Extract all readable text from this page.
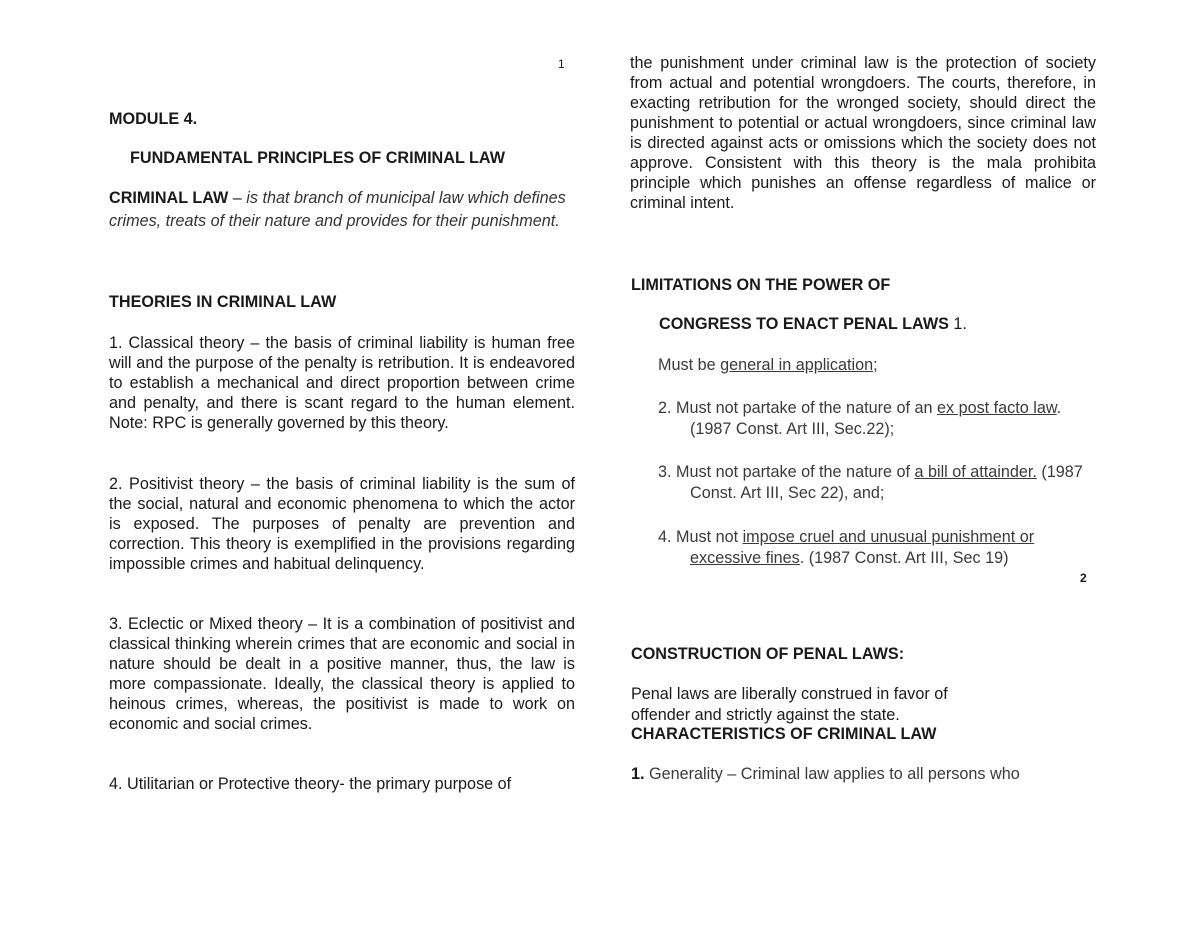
1
2
MODULE 4.
FUNDAMENTAL PRINCIPLES OF CRIMINAL LAW
CRIMINAL LAW – is that branch of municipal law which defines crimes, treats of their nature and provides for their punishment.
THEORIES IN CRIMINAL LAW

1. Classical theory – the basis of criminal liability is human free will and the purpose of the penalty is retribution. It is endeavored to establish a mechanical and direct proportion between crime and penalty, and there is scant regard to the human element. Note: RPC is generally governed by this theory.

2. Positivist theory – the basis of criminal liability is the sum of the social, natural and economic phenomena to which the actor is exposed. The purposes of penalty are prevention and correction. This theory is exemplified in the provisions regarding impossible crimes and habitual delinquency.

3. Eclectic or Mixed theory – It is a combination of positivist and classical thinking wherein crimes that are economic and social in nature should be dealt in a positive manner, thus, the law is more compassionate. Ideally, the classical theory is applied to heinous crimes, whereas, the positivist is made to work on economic and social crimes.

4. Utilitarian or Protective theory- the primary purpose of

the punishment under criminal law is the protection of society from actual and potential wrongdoers. The courts, therefore, in exacting retribution for the wronged society, should direct the punishment to potential or actual wrongdoers, since criminal law is directed against acts or omissions which the society does not approve. Consistent with this theory is the mala prohibita principle which punishes an offense regardless of malice or criminal intent.

LIMITATIONS ON THE POWER OF
CONGRESS TO ENACT PENAL LAWS 1.
Must be general in application;

2. Must not partake of the nature of an ex post facto law. (1987 Const. Art III, Sec.22);

3. Must not partake of the nature of a bill of attainder. (1987 Const. Art III, Sec 22), and;

4. Must not impose cruel and unusual punishment or excessive fines. (1987 Const. Art III, Sec 19)

CONSTRUCTION OF PENAL LAWS:
Penal laws are liberally construed in favor of offender and strictly against the state.
CHARACTERISTICS OF CRIMINAL LAW
1. Generality – Criminal law applies to all persons who
